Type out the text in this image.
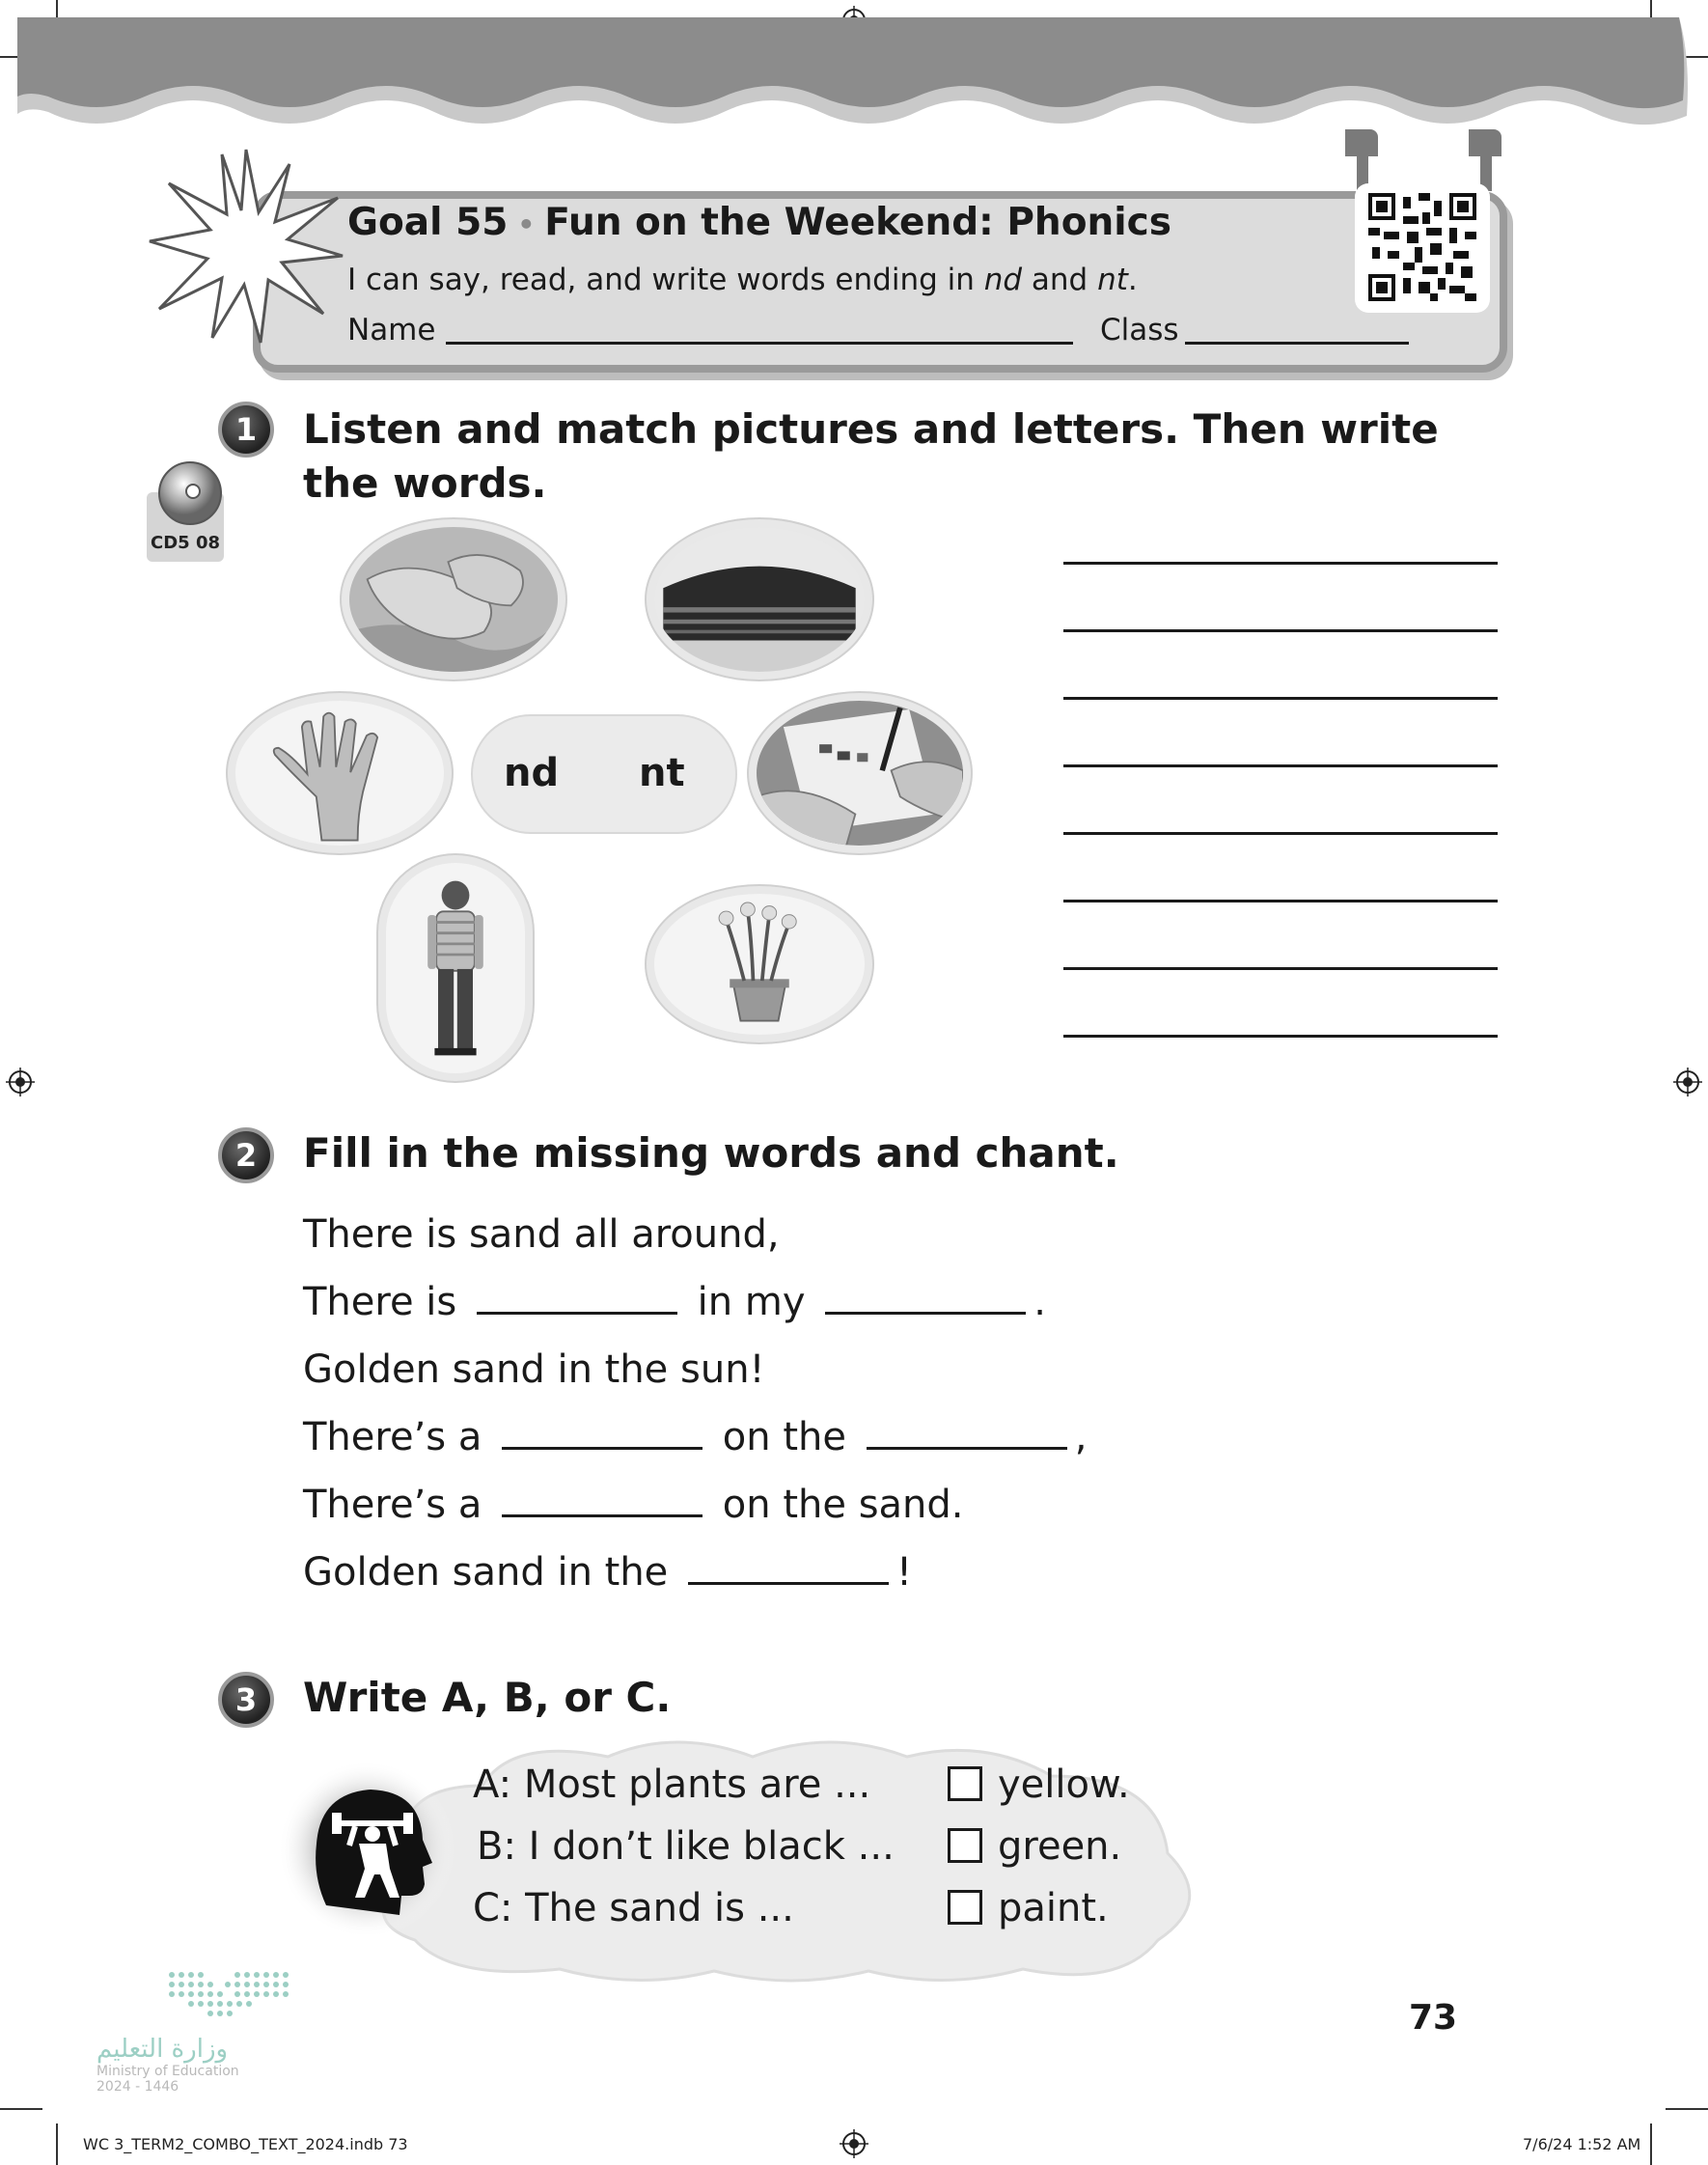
Goal 55 • Fun on the Weekend: Phonics
I can say, read, and write words ending in nd and nt.
Name	Class
1	Listen and match pictures and letters. Then write
the words.
CD5 08
nd nt
2	Fill in the missing words and chant.
There is sand all around,
There is	in my	.
Golden sand in the sun!
There’s a	on the	,
There’s a	on the sand.
Golden sand in the	!
3	Write A, B, or C.
A: Most plants are ...
B: I don’t like black ...
C: The sand is ...
yellow.
green.
paint.
73
وزارة التعليم
Ministry of Education
2024 - 1446
WC 3_TERM2_COMBO_TEXT_2024.indb 73	7/6/24 1:52 AM
